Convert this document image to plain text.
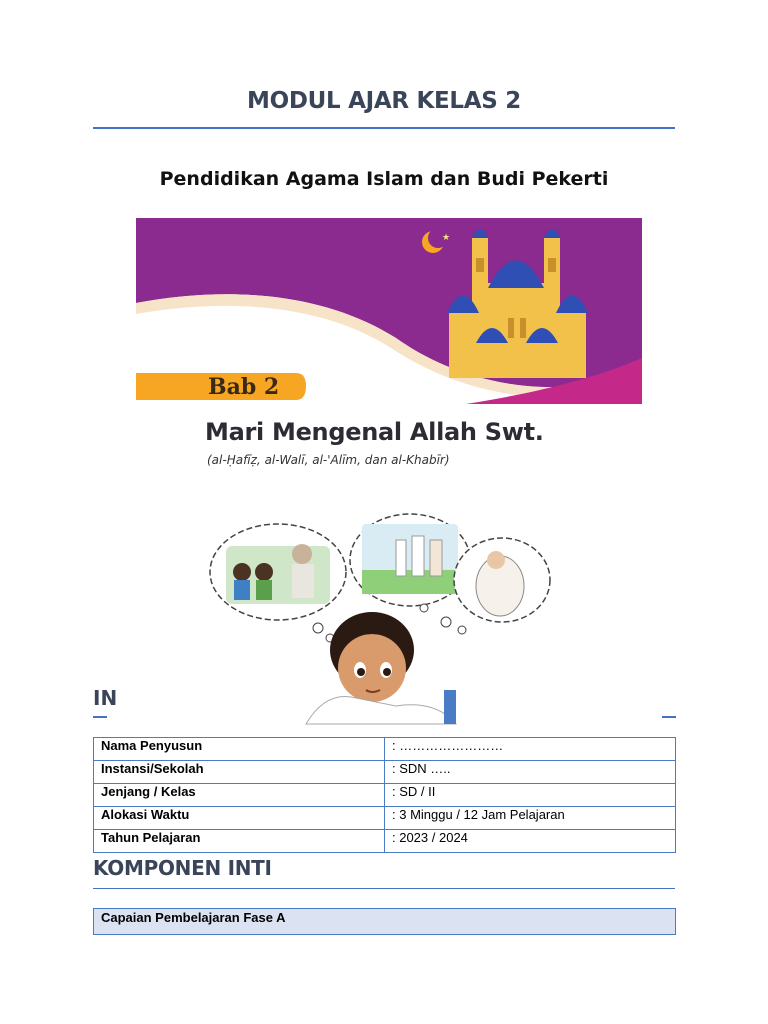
MODUL AJAR KELAS 2
Pendidikan Agama Islam dan Budi Pekerti
★
Bab 2
Mari Mengenal Allah Swt.
(al-Ḥafīẓ, al-Walī, al-'Alīm, dan al-Khabīr)
IN
Nama Penyusun	: ……………………
Instansi/Sekolah	: SDN …..
Jenjang / Kelas	: SD / II
Alokasi Waktu	: 3 Minggu / 12 Jam Pelajaran
Tahun Pelajaran	: 2023 / 2024
KOMPONEN INTI
Capaian Pembelajaran Fase A
